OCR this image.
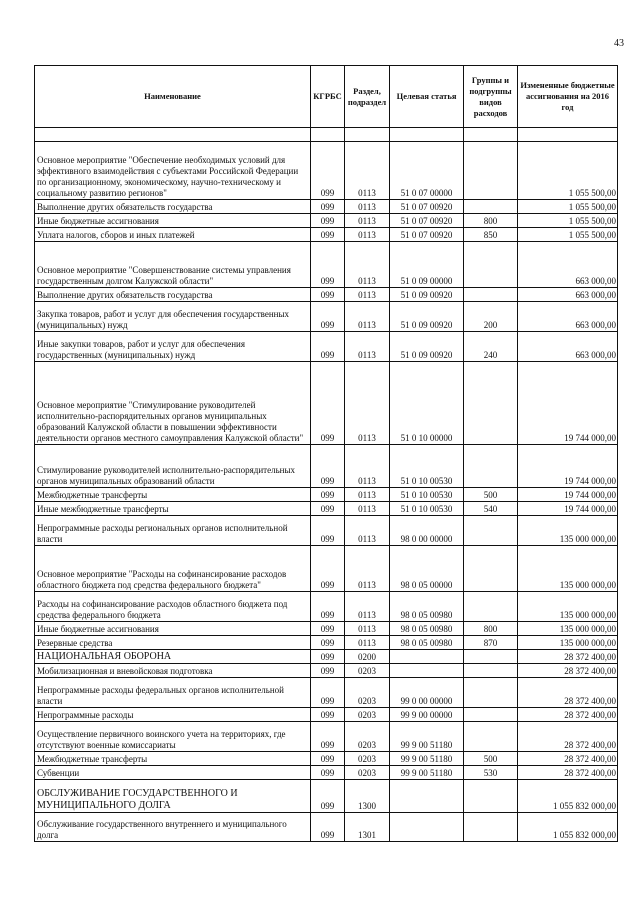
43
Наименование	КГРБС	Раздел, подраздел	Целевая статья	Группы и подгруппы видов расходов	Измененные бюджетные ассигнования на 2016 год

Основное мероприятие "Обеспечение необходимых условий для эффективного взаимодействия с субъектами Российской Федерации по организационному, экономическому, научно-техническому и социальному развитию регионов"	099	0113	51 0 07 00000		1 055 500,00
Выполнение других обязательств государства	099	0113	51 0 07 00920		1 055 500,00
Иные бюджетные ассигнования	099	0113	51 0 07 00920	800	1 055 500,00
Уплата налогов, сборов и иных платежей	099	0113	51 0 07 00920	850	1 055 500,00
Основное мероприятие "Совершенствование системы управления государственным долгом Калужской области"	099	0113	51 0 09 00000		663 000,00
Выполнение других обязательств государства	099	0113	51 0 09 00920		663 000,00
Закупка товаров, работ и услуг для обеспечения государственных (муниципальных) нужд	099	0113	51 0 09 00920	200	663 000,00
Иные закупки товаров, работ и услуг для обеспечения государственных (муниципальных) нужд	099	0113	51 0 09 00920	240	663 000,00
Основное мероприятие "Стимулирование руководителей исполнительно-распорядительных органов муниципальных образований Калужской области в повышении эффективности деятельности органов местного самоуправления Калужской области"	099	0113	51 0 10 00000		19 744 000,00
Стимулирование руководителей исполнительно-распорядительных органов муниципальных образований области	099	0113	51 0 10 00530		19 744 000,00
Межбюджетные трансферты	099	0113	51 0 10 00530	500	19 744 000,00
Иные межбюджетные трансферты	099	0113	51 0 10 00530	540	19 744 000,00
Непрограммные расходы региональных органов исполнительной власти	099	0113	98 0 00 00000		135 000 000,00
Основное мероприятие "Расходы на софинансирование расходов областного бюджета под средства федерального бюджета"	099	0113	98 0 05 00000		135 000 000,00
Расходы на софинансирование расходов областного бюджета под средства федерального бюджета	099	0113	98 0 05 00980		135 000 000,00
Иные бюджетные ассигнования	099	0113	98 0 05 00980	800	135 000 000,00
Резервные средства	099	0113	98 0 05 00980	870	135 000 000,00
НАЦИОНАЛЬНАЯ ОБОРОНА	099	0200			28 372 400,00
Мобилизационная и вневойсковая подготовка	099	0203			28 372 400,00
Непрограммные расходы федеральных органов исполнительной власти	099	0203	99 0 00 00000		28 372 400,00
Непрограммные расходы	099	0203	99 9 00 00000		28 372 400,00
Осуществление первичного воинского учета на территориях, где отсутствуют военные комиссариаты	099	0203	99 9 00 51180		28 372 400,00
Межбюджетные трансферты	099	0203	99 9 00 51180	500	28 372 400,00
Субвенции	099	0203	99 9 00 51180	530	28 372 400,00
ОБСЛУЖИВАНИЕ ГОСУДАРСТВЕННОГО И МУНИЦИПАЛЬНОГО ДОЛГА	099	1300			1 055 832 000,00
Обслуживание государственного внутреннего и муниципального долга	099	1301			1 055 832 000,00
